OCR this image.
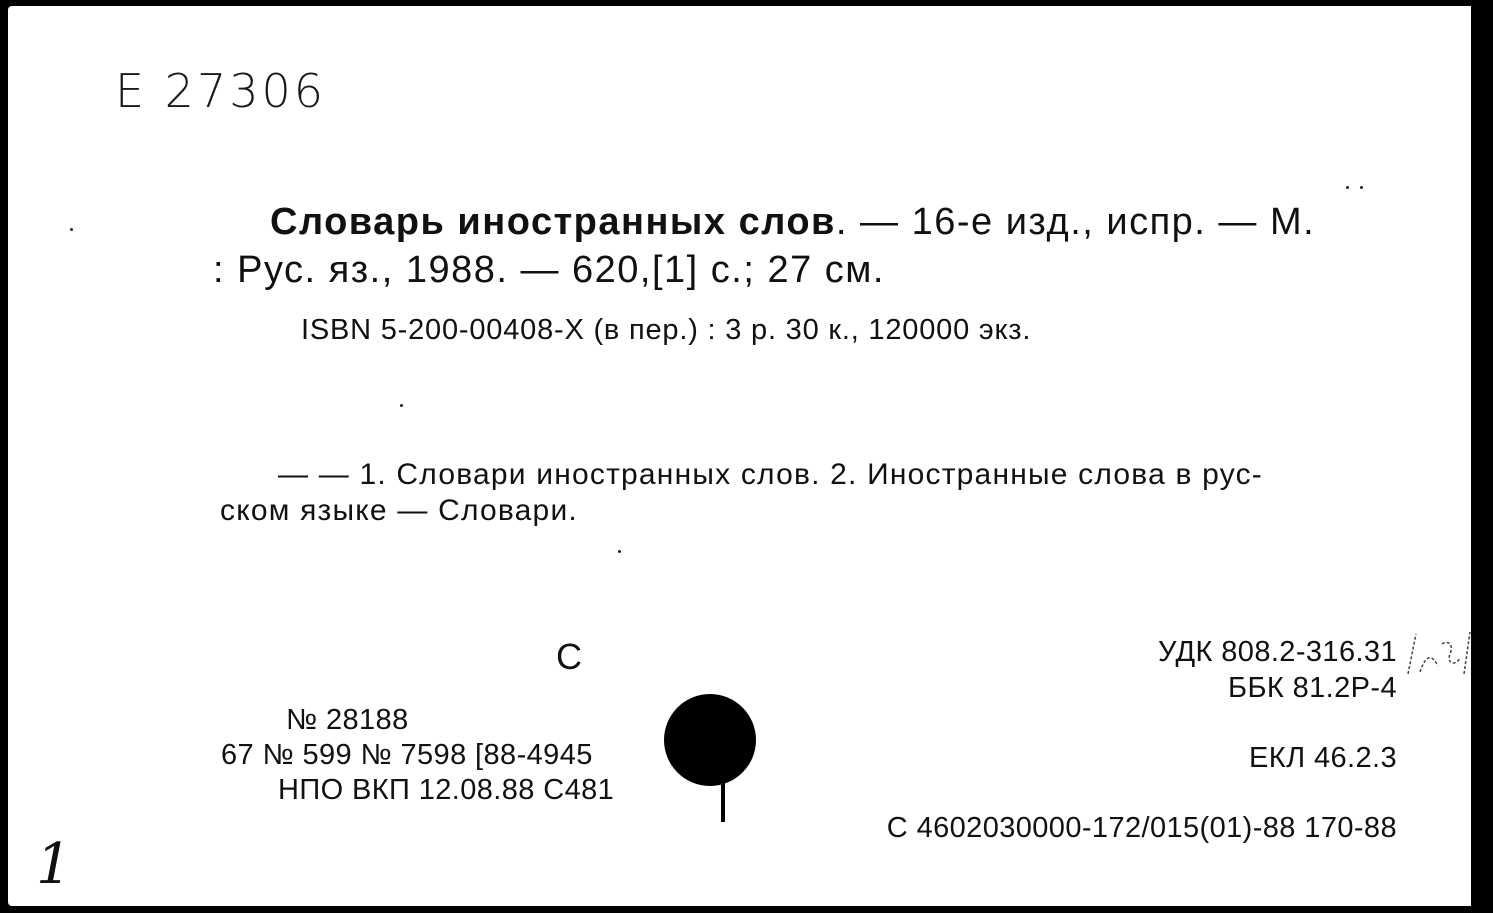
Е 27306
Словарь иностранных слов. — 16-е изд., испр. — М.
: Рус. яз., 1988. — 620,[1] с.; 27 см.
ISBN 5-200-00408-X (в пер.) : 3 р. 30 к., 120000 экз.
— — 1. Словари иностранных слов. 2. Иностранные слова в рус-
ском языке — Словари.
С
№ 28188
67 № 599 № 7598 [88-4945
НПО ВКП 12.08.88 С481
УДК 808.2-316.31
ББК 81.2Р-4
ЕКЛ 46.2.3
С 4602030000-172/015(01)-88 170-88
1
